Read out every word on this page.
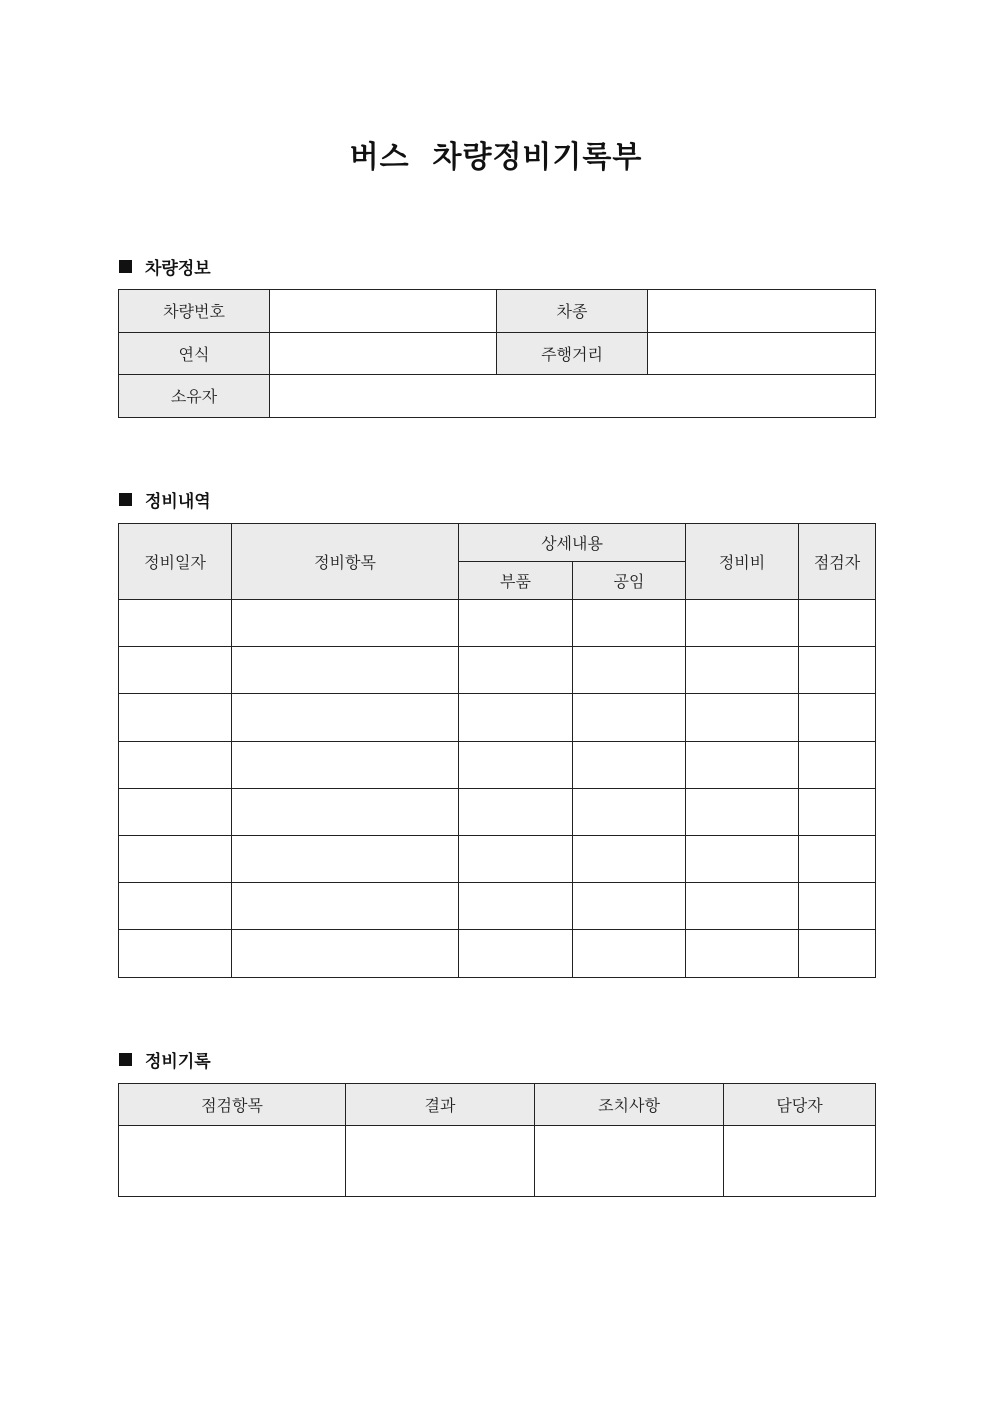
버스  차량정비기록부
차량정보
차량번호		차종	
연식		주행거리	
소유자			
정비내역
정비일자	정비항목	상세내용		정비비	점검자
		부품	공임		

정비기록
점검항목	결과	조치사항	담당자
